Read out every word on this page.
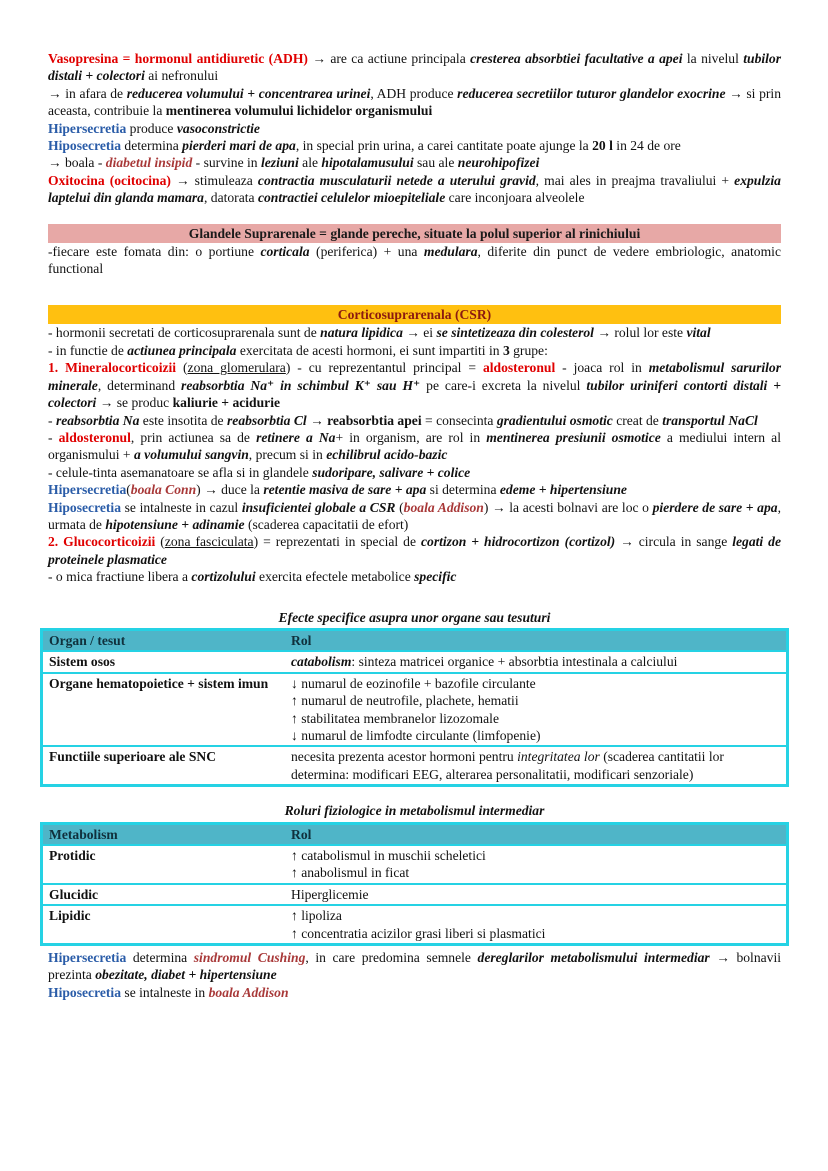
Vasopresina = hormonul antidiuretic (ADH) → are ca actiune principala cresterea absorbtiei facultative a apei la nivelul tubilor distali + colectori ai nefronului
→ in afara de reducerea volumului + concentrarea urinei, ADH produce reducerea secretiilor tuturor glandelor exocrine → si prin aceasta, contribuie la mentinerea volumului lichidelor organismului
Hipersecretia produce vasoconstrictie
Hiposecretia determina pierderi mari de apa, in special prin urina, a carei cantitate poate ajunge la 20 l in 24 de ore
→ boala - diabetul insipid - survine in leziuni ale hipotalamusului sau ale neurohipofizei
Oxitocina (ocitocina) → stimuleaza contractia musculaturii netede a uterului gravid, mai ales in preajma travaliului + expulzia laptelui din glanda mamara, datorata contractiei celulelor mioepiteliale care inconjoara alveolele
Glandele Suprarenale = glande pereche, situate la polul superior al rinichiului
-fiecare este fomata din: o portiune corticala (periferica) + una medulara, diferite din punct de vedere embriologic, anatomic functional
Corticosuprarenala (CSR)
- hormonii secretati de corticosuprarenala sunt de natura lipidica → ei se sintetizeaza din colesterol → rolul lor este vital
- in functie de actiunea principala exercitata de acesti hormoni, ei sunt impartiti in 3 grupe:
1. Mineralocorticoizii (zona glomerulara) - cu reprezentantul principal = aldosteronul - joaca rol in metabolismul sarurilor minerale, determinand reabsorbtia Na⁺ in schimbul K⁺ sau H⁺ pe care-i excreta la nivelul tubilor uriniferi contorti distali + colectori → se produc kaliurie + acidurie
- reabsorbtia Na este insotita de reabsorbtia Cl → reabsorbtia apei = consecinta gradientului osmotic creat de transportul NaCl
- aldosteronul, prin actiunea sa de retinere a Na+ in organism, are rol in mentinerea presiunii osmotice a mediului intern al organismului + a volumului sangvin, precum si in echilibrul acido-bazic
- celule-tinta asemanatoare se afla si in glandele sudoripare, salivare + colice
Hipersecretia(boala Conn) → duce la retentie masiva de sare + apa si determina edeme + hipertensiune
Hiposecretia se intalneste in cazul insuficientei globale a CSR (boala Addison) → la acesti bolnavi are loc o pierdere de sare + apa, urmata de hipotensiune + adinamie (scaderea capacitatii de efort)
2. Glucocorticoizii (zona fasciculata) = reprezentati in special de cortizon + hidrocortizon (cortizol) → circula in sange legati de proteinele plasmatice
- o mica fractiune libera a cortizolului exercita efectele metabolice specific
Efecte specifice asupra unor organe sau tesuturi
Organ / tesut	Rol
Sistem osos	catabolism: sinteza matricei organice + absorbtia intestinala a calciului
Organe hematopoietice + sistem imun	↓ numarul de eozinofile + bazofile circulante
↑ numarul de neutrofile, plachete, hematii
↑ stabilitatea membranelor lizozomale
↓ numarul de limfodte circulante (limfopenie)
Functiile superioare ale SNC	necesita prezenta acestor hormoni pentru integritatea lor (scaderea cantitatii lor determina: modificari EEG, alterarea personalitatii, modificari senzoriale)
Roluri fiziologice in metabolismul intermediar
Metabolism	Rol
Protidic	↑ catabolismul in muschii scheletici
↑ anabolismul in ficat
Glucidic	Hiperglicemie
Lipidic	↑ lipoliza
↑ concentratia acizilor grasi liberi si plasmatici
Hipersecretia determina sindromul Cushing, in care predomina semnele dereglarilor metabolismului intermediar → bolnavii prezinta obezitate, diabet + hipertensiune
Hiposecretia se intalneste in boala Addison
